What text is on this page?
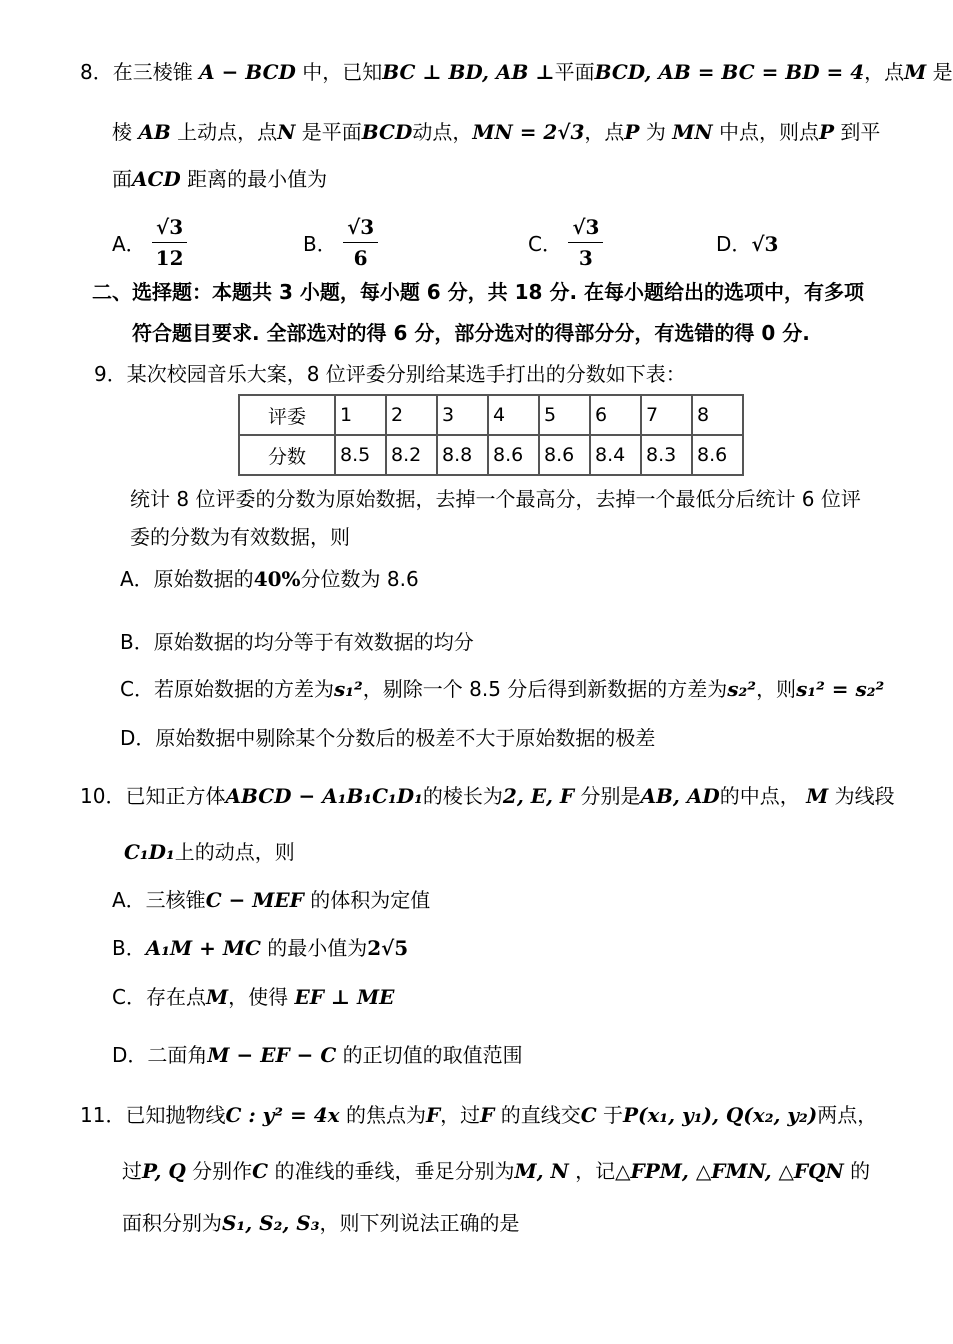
8．在三棱锥 A − BCD 中，已知BC ⊥ BD, AB ⊥平面BCD, AB = BC = BD = 4，点M 是
棱 AB 上动点，点N 是平面BCD动点，MN = 2√3，点P 为 MN 中点，则点P 到平
面ACD 距离的最小值为
A． $\frac{√3}{12}$	B． $\frac{√3}{6}$	C． $\frac{√3}{3}$	D．√3
二、选择题：本题共 3 小题，每小题 6 分，共 18 分. 在每小题给出的选项中，有多项
符合题目要求. 全部选对的得 6 分，部分选对的得部分分，有选错的得 0 分.
9．某次校园音乐大案，8 位评委分别给某选手打出的分数如下表：
评委	1	2	3	4	5	6	7	8
分数	8.5	8.2	8.8	8.6	8.6	8.4	8.3	8.6
统计 8 位评委的分数为原始数据，去掉一个最高分，去掉一个最低分后统计 6 位评
委的分数为有效数据，则
A．原始数据的40%分位数为 8.6
B．原始数据的均分等于有效数据的均分
C．若原始数据的方差为s₁²，剔除一个 8.5 分后得到新数据的方差为s₂²，则s₁² = s₂²
D．原始数据中剔除某个分数后的极差不大于原始数据的极差
10．已知正方体ABCD − A₁B₁C₁D₁的棱长为2, E, F 分别是AB, AD的中点， M 为线段
C₁D₁上的动点，则
A．三核锥C − MEF 的体积为定值
B．A₁M + MC 的最小值为2√5
C．存在点M，使得 EF ⊥ ME
D．二面角M − EF − C 的正切值的取值范围
11．已知抛物线C : y² = 4x 的焦点为F，过F 的直线交C 于P(x₁, y₁), Q(x₂, y₂)两点，
过P, Q 分别作C 的准线的垂线，垂足分别为M, N ，记△FPM, △FMN, △FQN 的
面积分别为S₁, S₂, S₃，则下列说法正确的是
